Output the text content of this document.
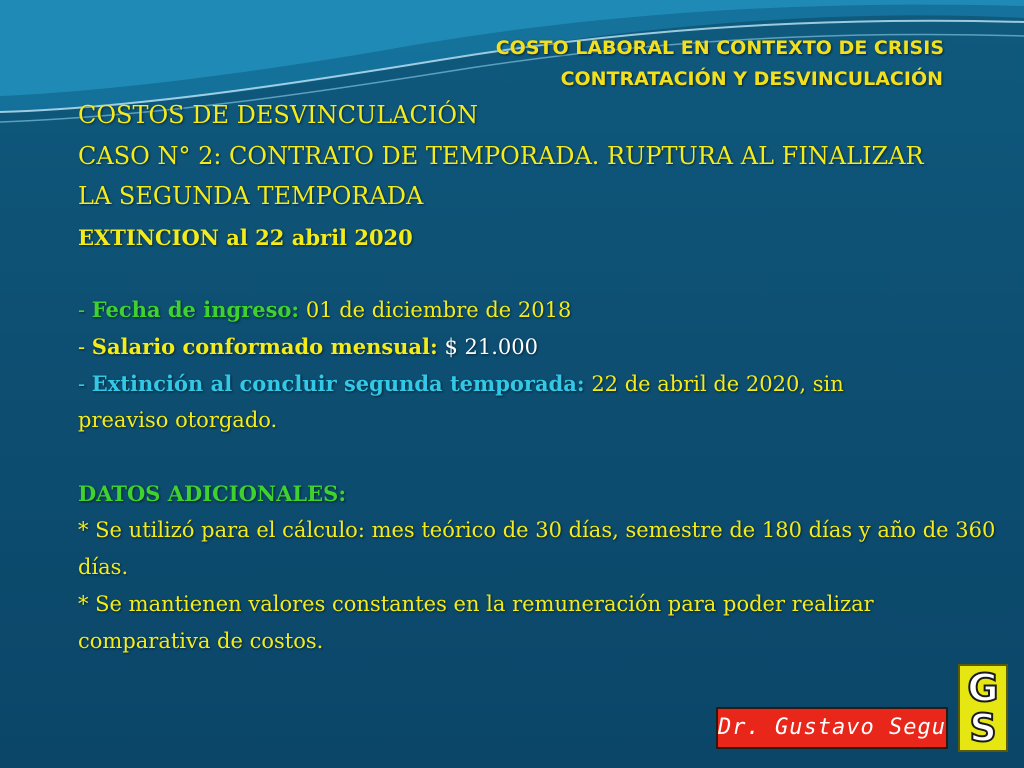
COSTO LABORAL EN CONTEXTO DE CRISIS
CONTRATACIÓN Y DESVINCULACIÓN
COSTOS DE DESVINCULACIÓN
CASO N° 2: CONTRATO DE TEMPORADA. RUPTURA AL FINALIZAR
LA SEGUNDA TEMPORADA
EXTINCION al 22 abril 2020
- Fecha de ingreso: 01 de diciembre de 2018
- Salario conformado mensual: $ 21.000
- Extinción al concluir segunda temporada: 22 de abril de 2020, sin
preaviso otorgado.
DATOS ADICIONALES:
* Se utilizó para el cálculo: mes teórico de 30 días, semestre de 180 días y año de 360
días.
* Se mantienen valores constantes en la remuneración para poder realizar
comparativa de costos.
Dr. Gustavo Segu
G
S
